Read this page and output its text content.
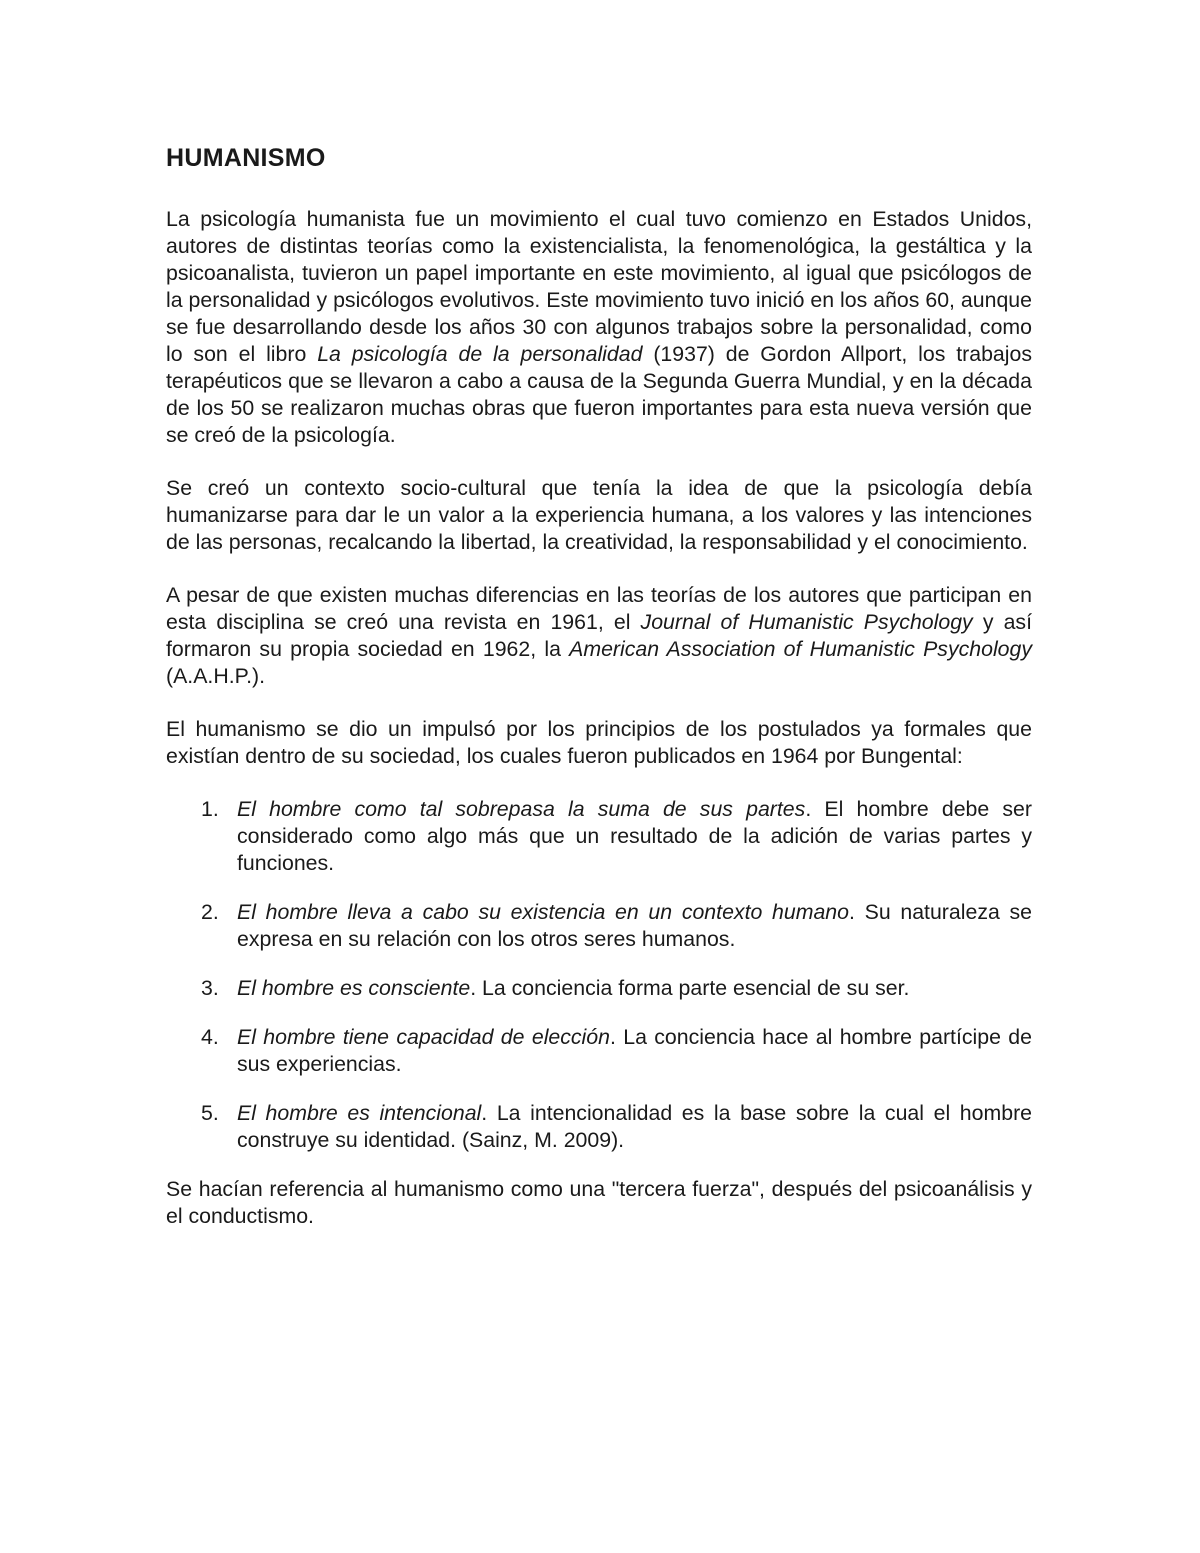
HUMANISMO

La psicología humanista fue un movimiento el cual tuvo comienzo en Estados Unidos, autores de distintas teorías como la existencialista, la fenomenológica, la gestáltica y la psicoanalista, tuvieron un papel importante en este movimiento, al igual que psicólogos de la personalidad y psicólogos evolutivos. Este movimiento tuvo inició en los años 60, aunque se fue desarrollando desde los años 30 con algunos trabajos sobre la personalidad, como lo son el libro La psicología de la personalidad (1937) de Gordon Allport, los trabajos terapéuticos que se llevaron a cabo a causa de la Segunda Guerra Mundial, y en la década de los 50 se realizaron muchas obras que fueron importantes para esta nueva versión que se creó de la psicología.

Se creó un contexto socio-cultural que tenía la idea de que la psicología debía humanizarse para dar le un valor a la experiencia humana, a los valores y las intenciones de las personas, recalcando la libertad, la creatividad, la responsabilidad y el conocimiento.

A pesar de que existen muchas diferencias en las teorías de los autores que participan en esta disciplina se creó una revista en 1961, el Journal of Humanistic Psychology y así formaron su propia sociedad en 1962, la American Association of Humanistic Psychology (A.A.H.P.).

El humanismo se dio un impulsó por los principios de los postulados ya formales que existían dentro de su sociedad, los cuales fueron publicados en 1964 por Bungental:

1. El hombre como tal sobrepasa la suma de sus partes. El hombre debe ser considerado como algo más que un resultado de la adición de varias partes y funciones.
2. El hombre lleva a cabo su existencia en un contexto humano. Su naturaleza se expresa en su relación con los otros seres humanos.
3. El hombre es consciente. La conciencia forma parte esencial de su ser.
4. El hombre tiene capacidad de elección. La conciencia hace al hombre partícipe de sus experiencias.
5. El hombre es intencional. La intencionalidad es la base sobre la cual el hombre construye su identidad. (Sainz, M. 2009).

Se hacían referencia al humanismo como una "tercera fuerza", después del psicoanálisis y el conductismo.
